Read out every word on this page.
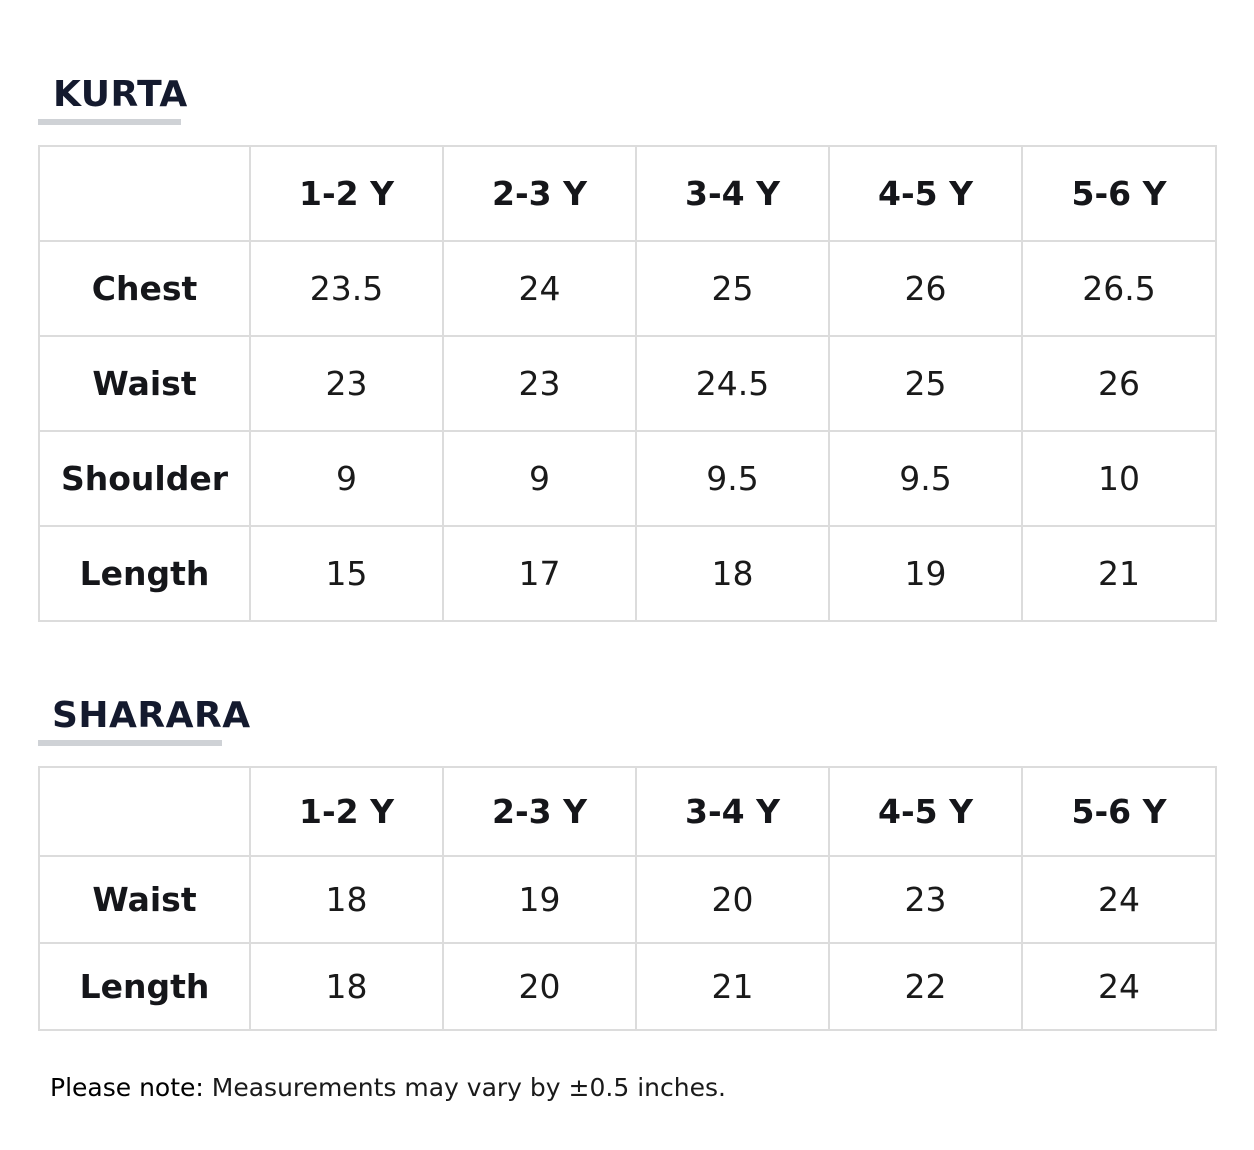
KURTA
	1-2 Y	2-3 Y	3-4 Y	4-5 Y	5-6 Y
Chest	23.5	24	25	26	26.5
Waist	23	23	24.5	25	26
Shoulder	9	9	9.5	9.5	10
Length	15	17	18	19	21
SHARARA
	1-2 Y	2-3 Y	3-4 Y	4-5 Y	5-6 Y
Waist	18	19	20	23	24
Length	18	20	21	22	24

Please note: Measurements may vary by ±0.5 inches.
